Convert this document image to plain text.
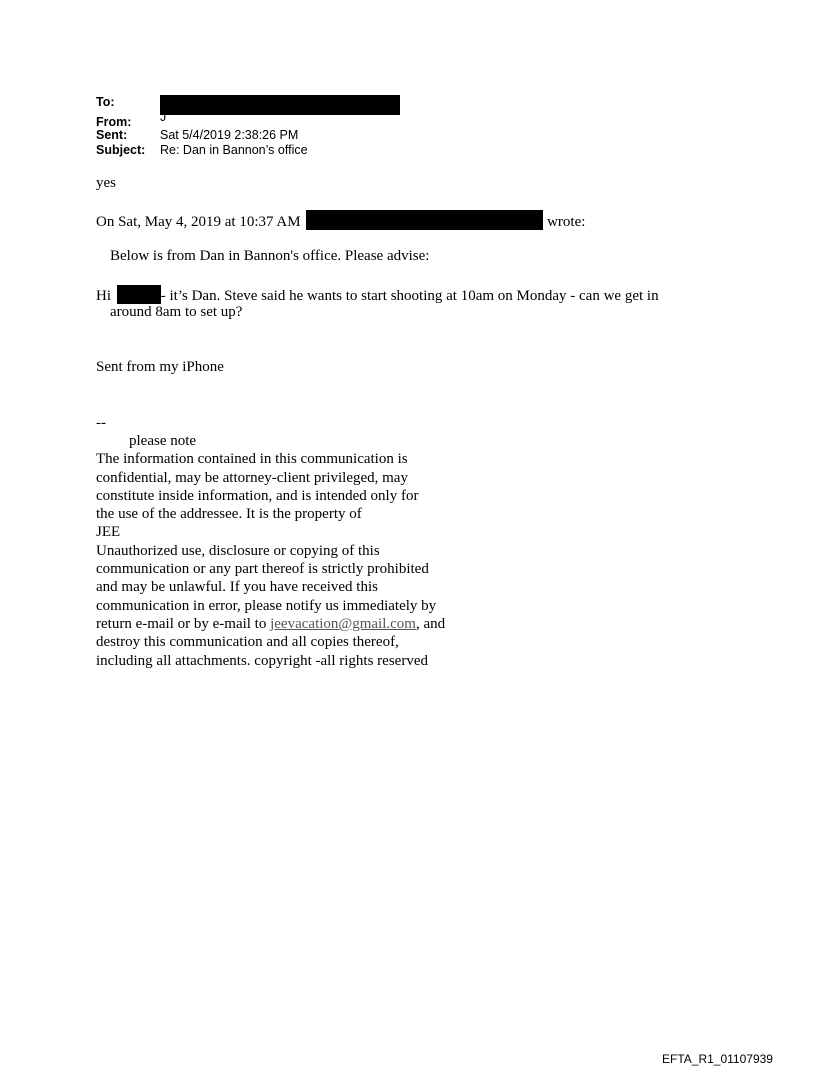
To:
From:	J
Sent:	Sat 5/4/2019 2:38:26 PM
Subject:	Re: Dan in Bannon’s office
yes
On Sat, May 4, 2019 at 10:37 AM	wrote:
Below is from Dan in Bannon's office. Please advise:
Hi	- it’s Dan. Steve said he wants to start shooting at 10am on Monday - can we get in
around 8am to set up?
Sent from my iPhone
--
please note
The information contained in this communication is
confidential, may be attorney-client privileged, may
constitute inside information, and is intended only for
the use of the addressee. It is the property of
JEE
Unauthorized use, disclosure or copying of this
communication or any part thereof is strictly prohibited
and may be unlawful. If you have received this
communication in error, please notify us immediately by
return e-mail or by e-mail to jeevacation@gmail.com, and
destroy this communication and all copies thereof,
including all attachments. copyright -all rights reserved
EFTA_R1_01107939
